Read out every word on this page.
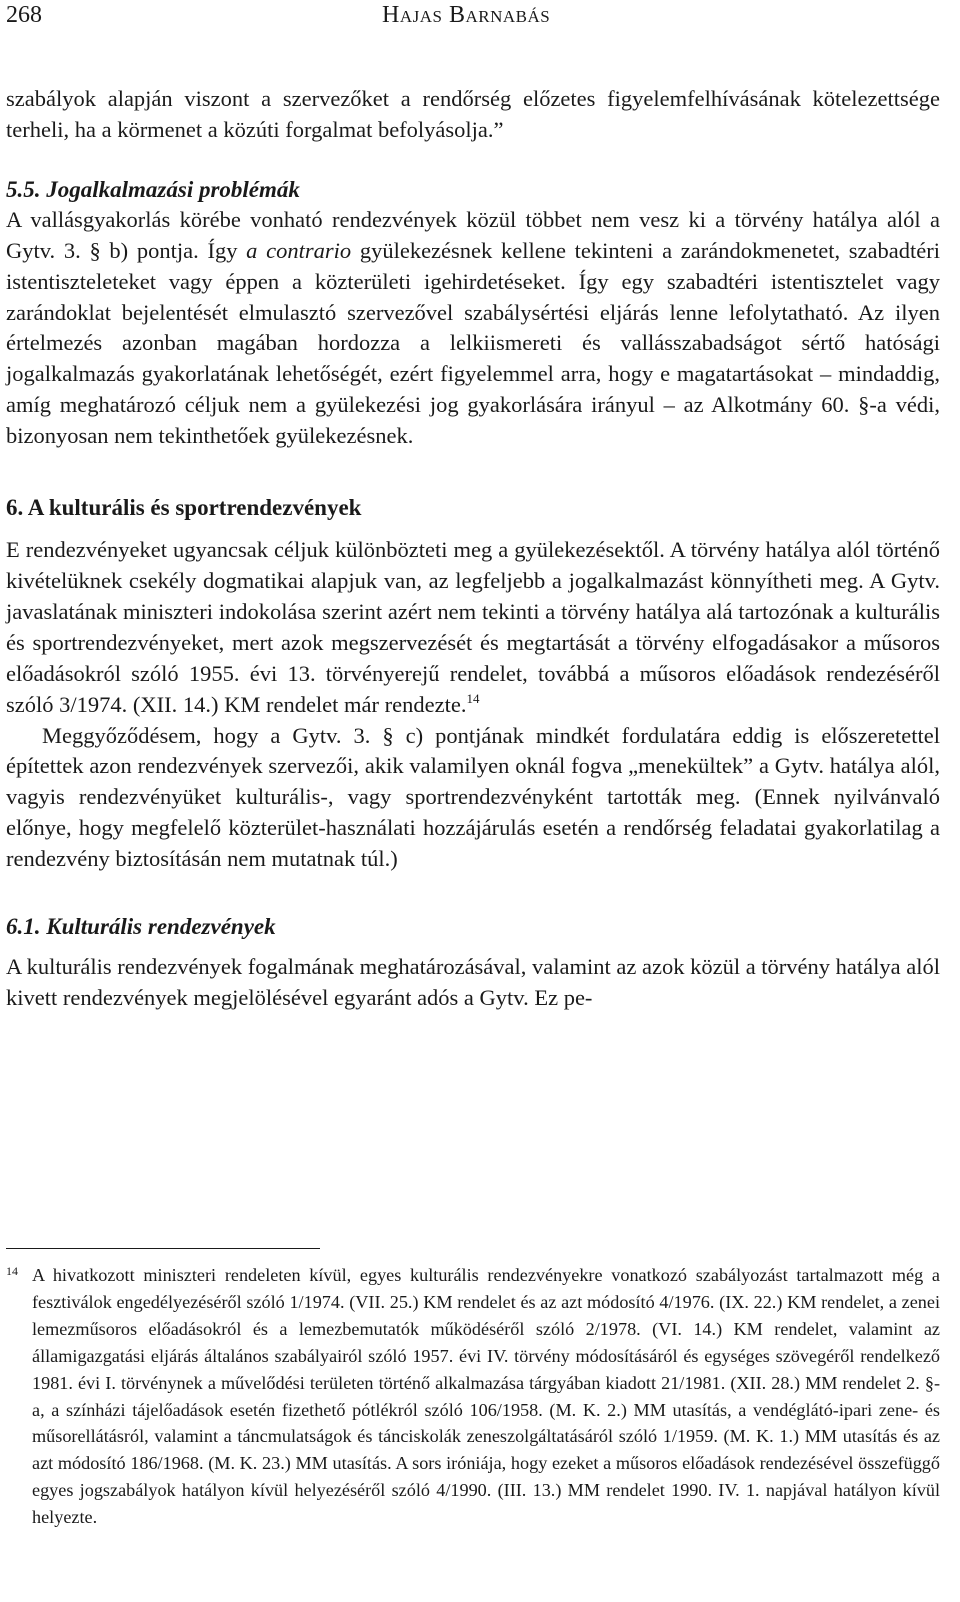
268	Hajas Barnabás

szabályok alapján viszont a szervezőket a rendőrség előzetes figyelemfelhívásának kötelezettsége terheli, ha a körmenet a közúti forgalmat befolyásolja.”

5.5. Jogalkalmazási problémák

A vallásgyakorlás körébe vonható rendezvények közül többet nem vesz ki a törvény hatálya alól a Gytv. 3. § b) pontja. Így a contrario gyülekezésnek kellene tekinteni a zarándokmenetet, szabadtéri istentiszteleteket vagy éppen a közterületi igehirdetéseket. Így egy szabadtéri istentisztelet vagy zarándoklat bejelentését elmulasztó szervezővel szabálysértési eljárás lenne lefolytatható. Az ilyen értelmezés azonban magában hordozza a lelkiismereti és vallásszabadságot sértő hatósági jogalkalmazás gyakorlatának lehetőségét, ezért figyelemmel arra, hogy e magatartásokat – mindaddig, amíg meghatározó céljuk nem a gyülekezési jog gyakorlására irányul – az Alkotmány 60. §-a védi, bizonyosan nem tekinthetőek gyülekezésnek.

6. A kulturális és sportrendezvények

E rendezvényeket ugyancsak céljuk különbözteti meg a gyülekezésektől. A törvény hatálya alól történő kivételüknek csekély dogmatikai alapjuk van, az legfeljebb a jogalkalmazást könnyítheti meg. A Gytv. javaslatának miniszteri indokolása szerint azért nem tekinti a törvény hatálya alá tartozónak a kulturális és sportrendezvényeket, mert azok megszervezését és megtartását a törvény elfogadásakor a műsoros előadásokról szóló 1955. évi 13. törvényerejű rendelet, továbbá a műsoros előadások rendezéséről szóló 3/1974. (XII. 14.) KM rendelet már rendezte.$^{14}$

Meggyőződésem, hogy a Gytv. 3. § c) pontjának mindkét fordulatára eddig is előszeretettel építettek azon rendezvények szervezői, akik valamilyen oknál fogva „menekültek” a Gytv. hatálya alól, vagyis rendezvényüket kulturális-, vagy sportrendezvényként tartották meg. (Ennek nyilvánvaló előnye, hogy megfelelő közterület-használati hozzájárulás esetén a rendőrség feladatai gyakorlatilag a rendezvény biztosításán nem mutatnak túl.)

6.1. Kulturális rendezvények

A kulturális rendezvények fogalmának meghatározásával, valamint az azok közül a törvény hatálya alól kivett rendezvények megjelölésével egyaránt adós a Gytv. Ez pe-

14 A hivatkozott miniszteri rendeleten kívül, egyes kulturális rendezvényekre vonatkozó szabályozást tartalmazott még a fesztiválok engedélyezéséről szóló 1/1974. (VII. 25.) KM rendelet és az azt módosító 4/1976. (IX. 22.) KM rendelet, a zenei lemezműsoros előadásokról és a lemezbemutatók működéséről szóló 2/1978. (VI. 14.) KM rendelet, valamint az államigazgatási eljárás általános szabályairól szóló 1957. évi IV. törvény módosításáról és egységes szövegéről rendelkező 1981. évi I. törvénynek a művelődési területen történő alkalmazása tárgyában kiadott 21/1981. (XII. 28.) MM rendelet 2. §-a, a színházi tájelőadások esetén fizethető pótlékról szóló 106/1958. (M. K. 2.) MM utasítás, a vendéglátó-ipari zene- és műsorellátásról, valamint a táncmulatságok és tánciskolák zeneszolgáltatásáról szóló 1/1959. (M. K. 1.) MM utasítás és az azt módosító 186/1968. (M. K. 23.) MM utasítás. A sors iróniája, hogy ezeket a műsoros előadások rendezésével összefüggő egyes jogszabályok hatályon kívül helyezéséről szóló 4/1990. (III. 13.) MM rendelet 1990. IV. 1. napjával hatályon kívül helyezte.
